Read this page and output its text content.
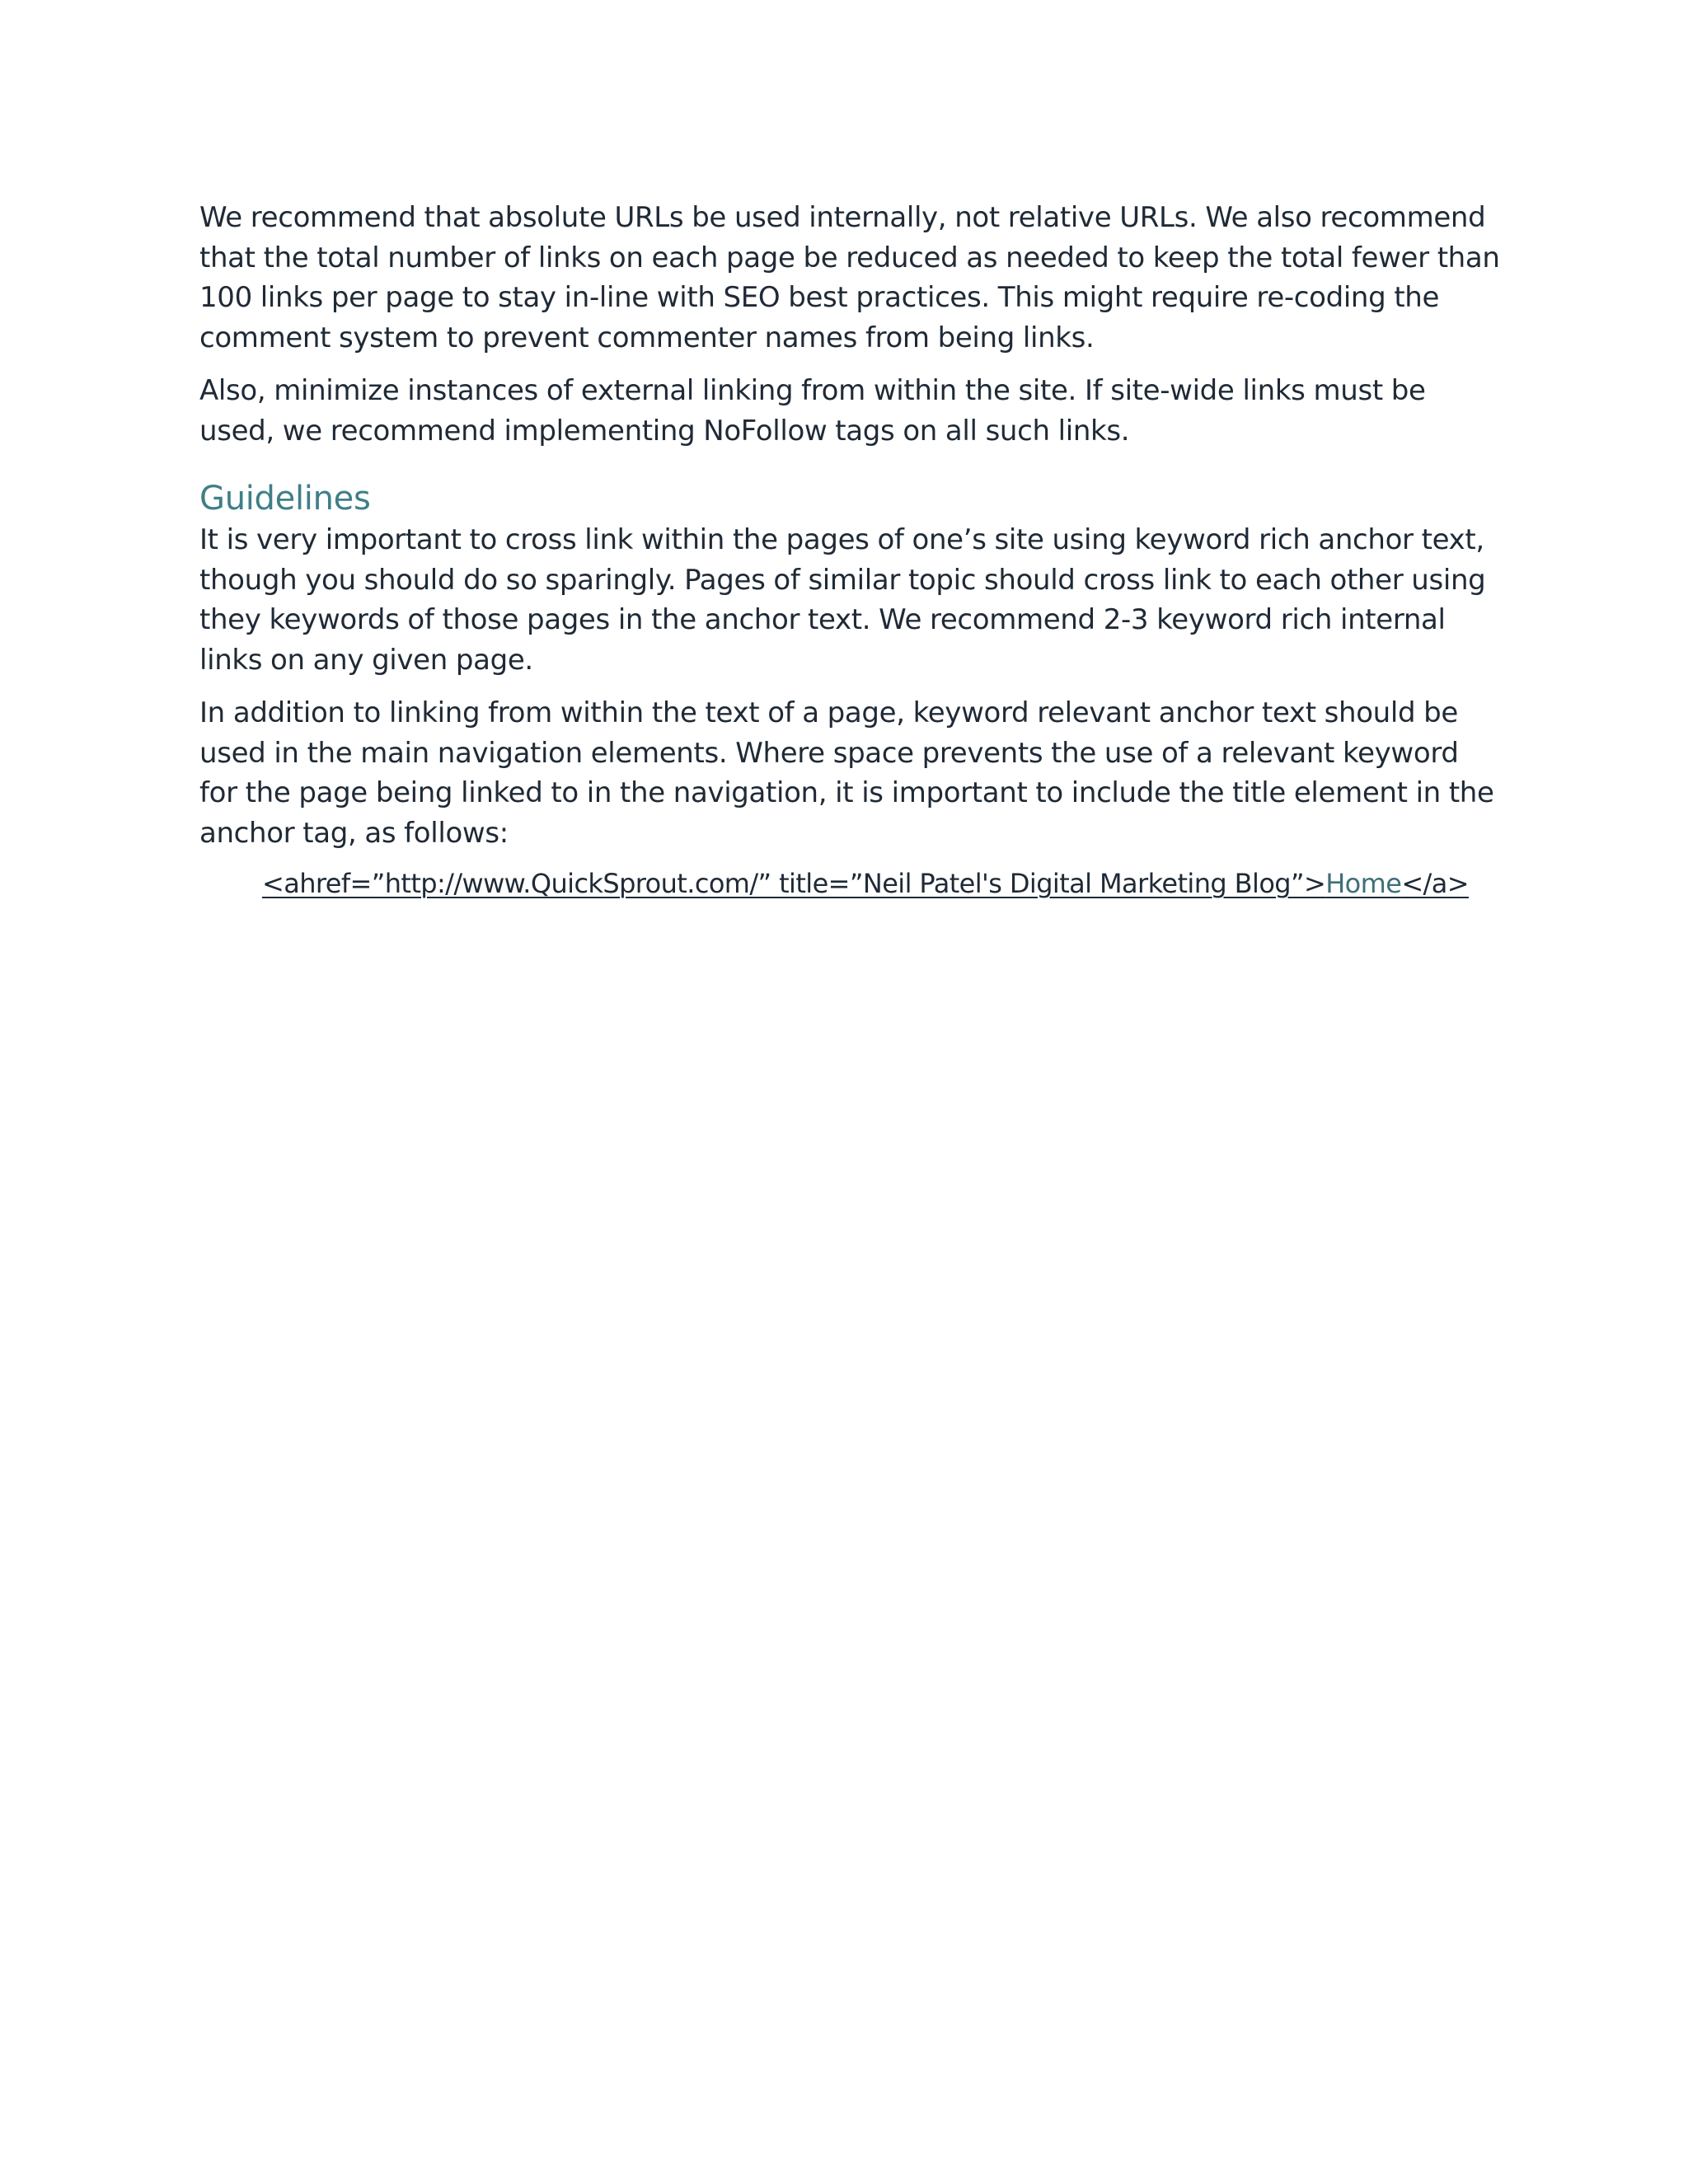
We recommend that absolute URLs be used internally, not relative URLs. We also recommend that the total number of links on each page be reduced as needed to keep the total fewer than 100 links per page to stay in-line with SEO best practices. This might require re-coding the comment system to prevent commenter names from being links.

Also, minimize instances of external linking from within the site. If site-wide links must be used, we recommend implementing NoFollow tags on all such links.

Guidelines

It is very important to cross link within the pages of one’s site using keyword rich anchor text, though you should do so sparingly. Pages of similar topic should cross link to each other using they keywords of those pages in the anchor text. We recommend 2-3 keyword rich internal links on any given page.

In addition to linking from within the text of a page, keyword relevant anchor text should be used in the main navigation elements. Where space prevents the use of a relevant keyword for the page being linked to in the navigation, it is important to include the title element in the anchor tag, as follows:

<ahref=”http://www.QuickSprout.com/” title=”Neil Patel's Digital Marketing Blog”>Home</a>
